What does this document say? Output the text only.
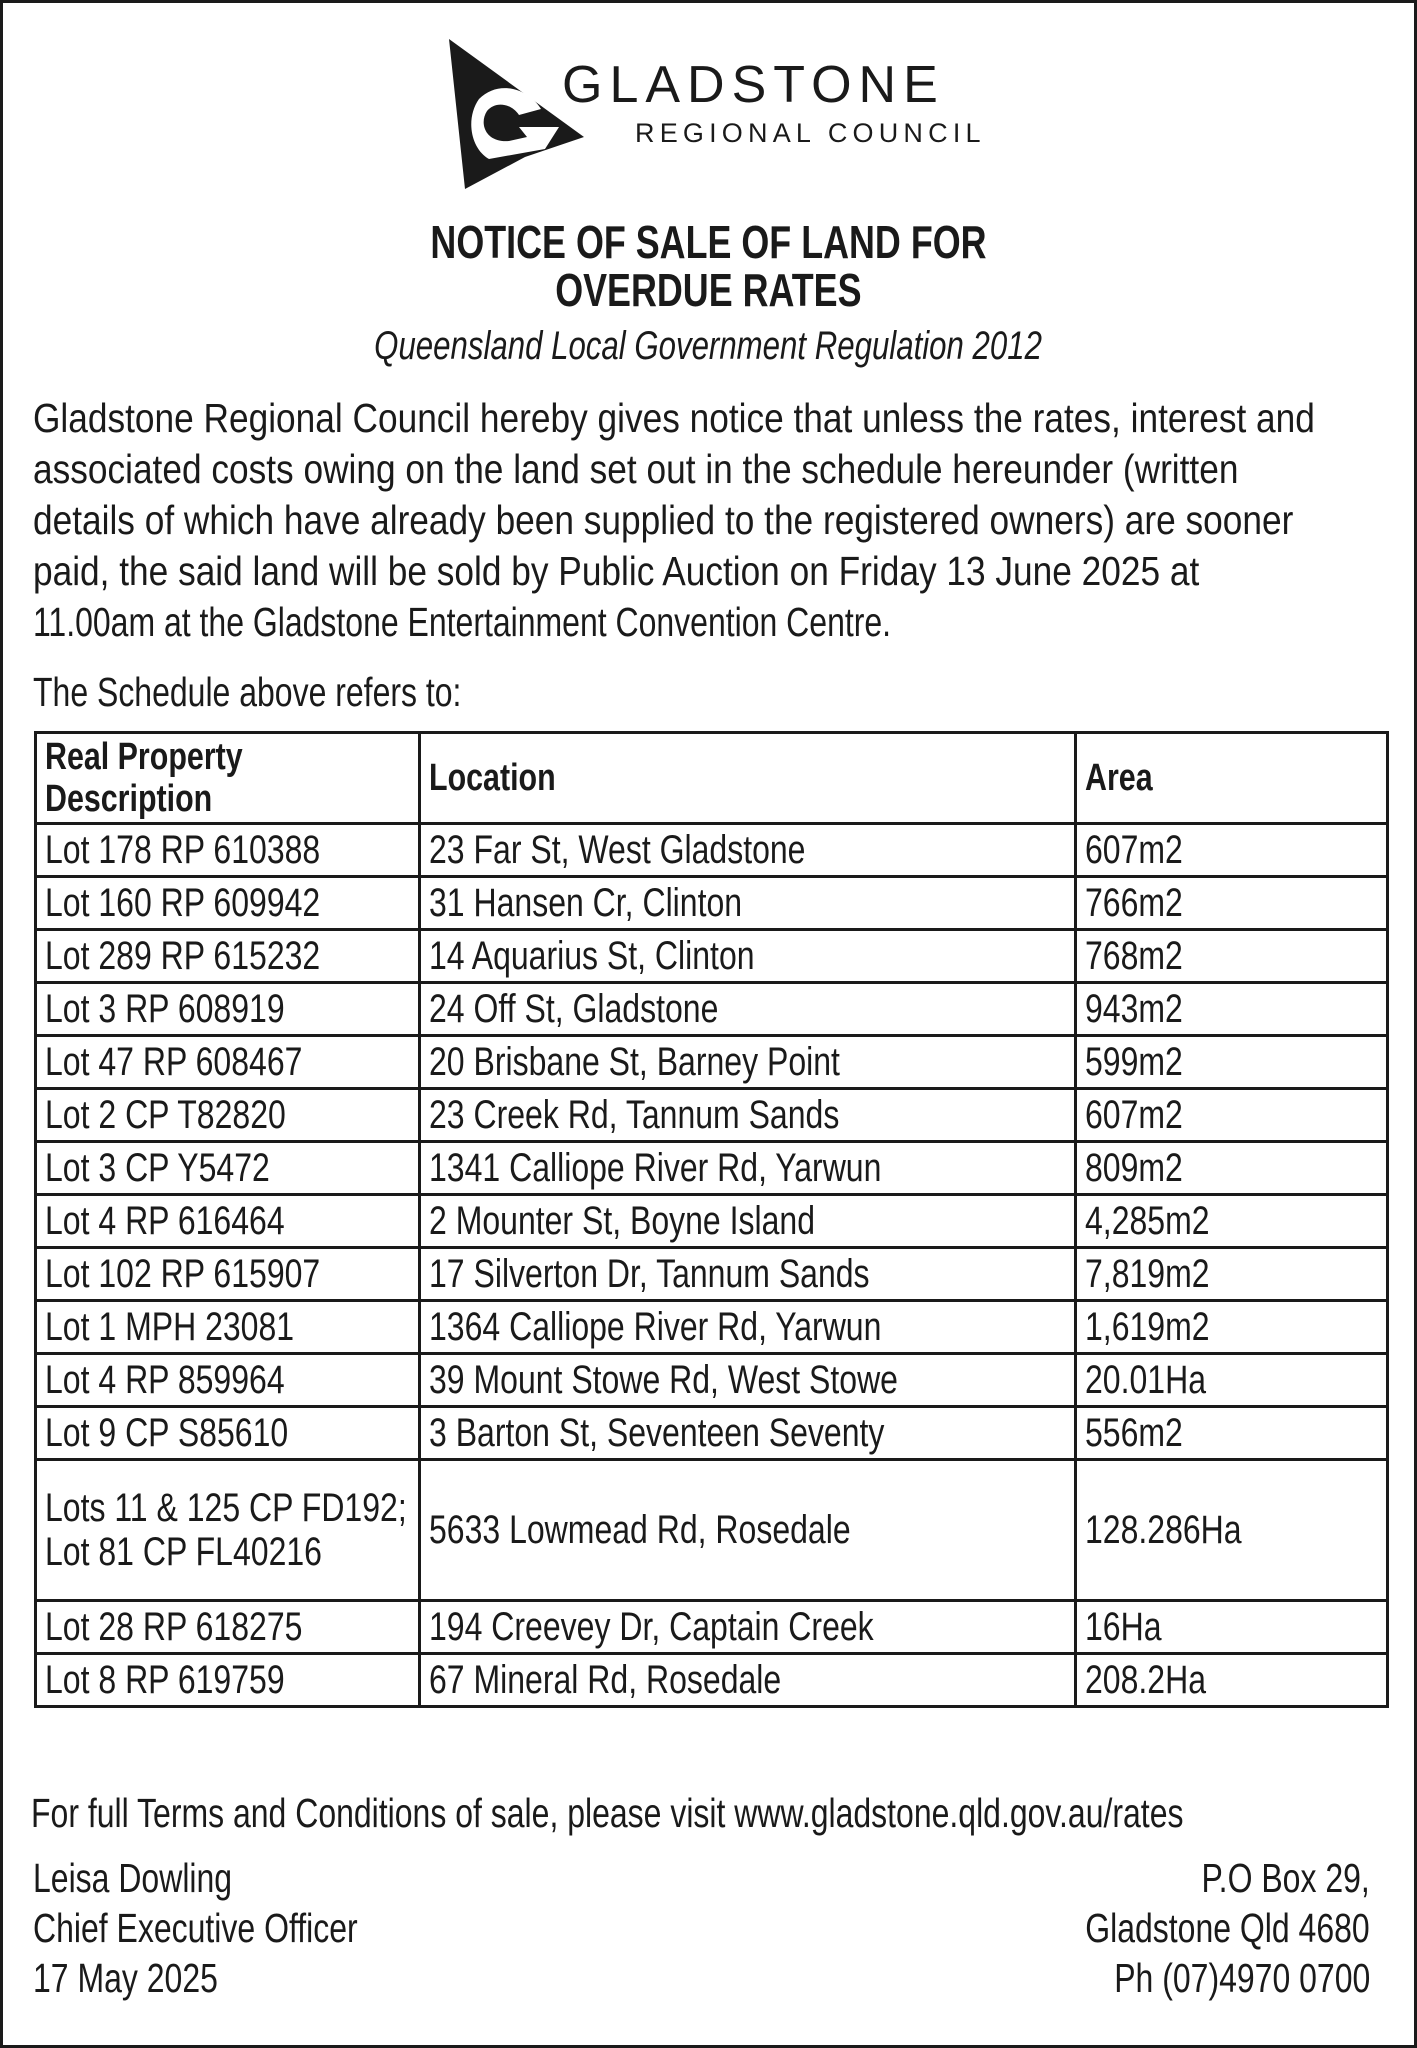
GLADSTONE
REGIONAL COUNCIL
NOTICE OF SALE OF LAND FOR
OVERDUE RATES
Queensland Local Government Regulation 2012
Gladstone Regional Council hereby gives notice that unless the rates, interest and
associated costs owing on the land set out in the schedule hereunder (written
details of which have already been supplied to the registered owners) are sooner
paid, the said land will be sold by Public Auction on Friday 13 June 2025 at
11.00am at the Gladstone Entertainment Convention Centre.
The Schedule above refers to:
Real Property Description	Location	Area
Lot 178 RP 610388	23 Far St, West Gladstone	607m2
Lot 160 RP 609942	31 Hansen Cr, Clinton	766m2
Lot 289 RP 615232	14 Aquarius St, Clinton	768m2
Lot 3 RP 608919	24 Off St, Gladstone	943m2
Lot 47 RP 608467	20 Brisbane St, Barney Point	599m2
Lot 2 CP T82820	23 Creek Rd, Tannum Sands	607m2
Lot 3 CP Y5472	1341 Calliope River Rd, Yarwun	809m2
Lot 4 RP 616464	2 Mounter St, Boyne Island	4,285m2
Lot 102 RP 615907	17 Silverton Dr, Tannum Sands	7,819m2
Lot 1 MPH 23081	1364 Calliope River Rd, Yarwun	1,619m2
Lot 4 RP 859964	39 Mount Stowe Rd, West Stowe	20.01Ha
Lot 9 CP S85610	3 Barton St, Seventeen Seventy	556m2

Lots 11 & 125 CP FD192; Lot 81 CP FL40216	5633 Lowmead Rd, Rosedale	128.286Ha
Lot 28 RP 618275	194 Creevey Dr, Captain Creek	16Ha
Lot 8 RP 619759	67 Mineral Rd, Rosedale	208.2Ha
For full Terms and Conditions of sale, please visit www.gladstone.qld.gov.au/rates
Leisa Dowling
Chief Executive Officer
17 May 2025
P.O Box 29,
Gladstone Qld 4680
Ph (07)4970 0700
